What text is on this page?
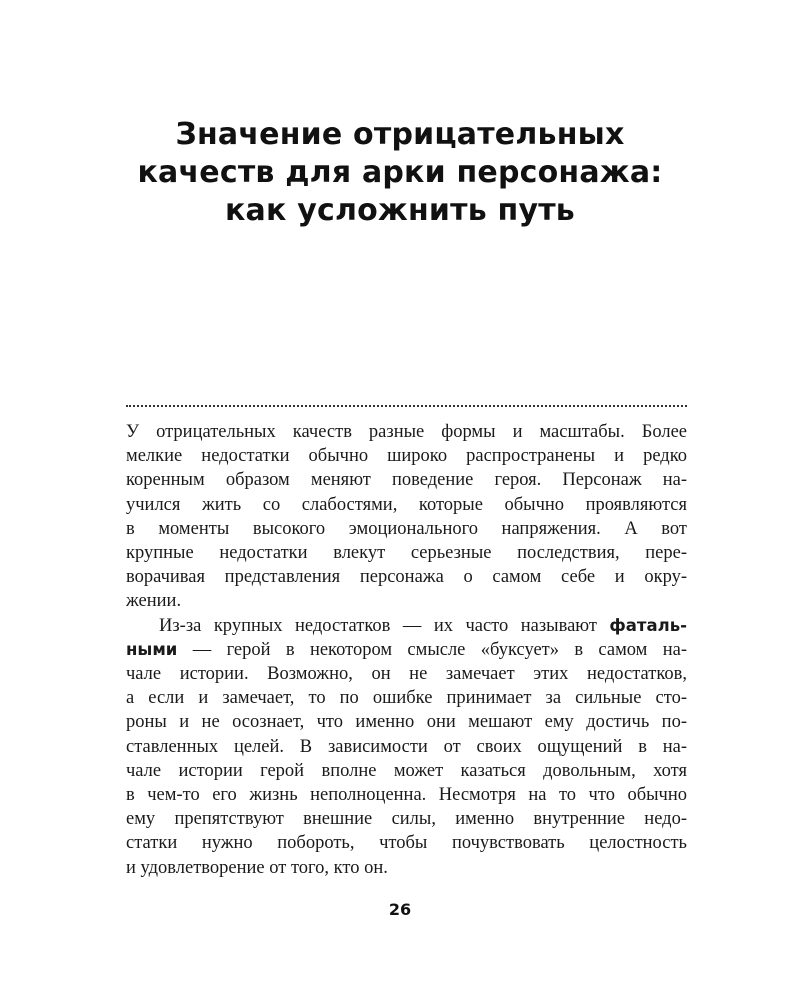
Значение отрицательных
качеств для арки персонажа:
как усложнить путь

У отрицательных качеств разные формы и масштабы. Более
мелкие недостатки обычно широко распространены и редко
коренным образом меняют поведение героя. Персонаж на-
учился жить со слабостями, которые обычно проявляются
в моменты высокого эмоционального напряжения. А вот
крупные недостатки влекут серьезные последствия, пере-
ворачивая представления персонажа о самом себе и окру-
жении.

Из-за крупных недостатков — их часто называют фаталь-
ными — герой в некотором смысле «буксует» в самом на-
чале истории. Возможно, он не замечает этих недостатков,
а если и замечает, то по ошибке принимает за сильные сто-
роны и не осознает, что именно они мешают ему достичь по-
ставленных целей. В зависимости от своих ощущений в на-
чале истории герой вполне может казаться довольным, хотя
в чем-то его жизнь неполноценна. Несмотря на то что обычно
ему препятствуют внешние силы, именно внутренние недо-
статки нужно побороть, чтобы почувствовать целостность
и удовлетворение от того, кто он.

26
